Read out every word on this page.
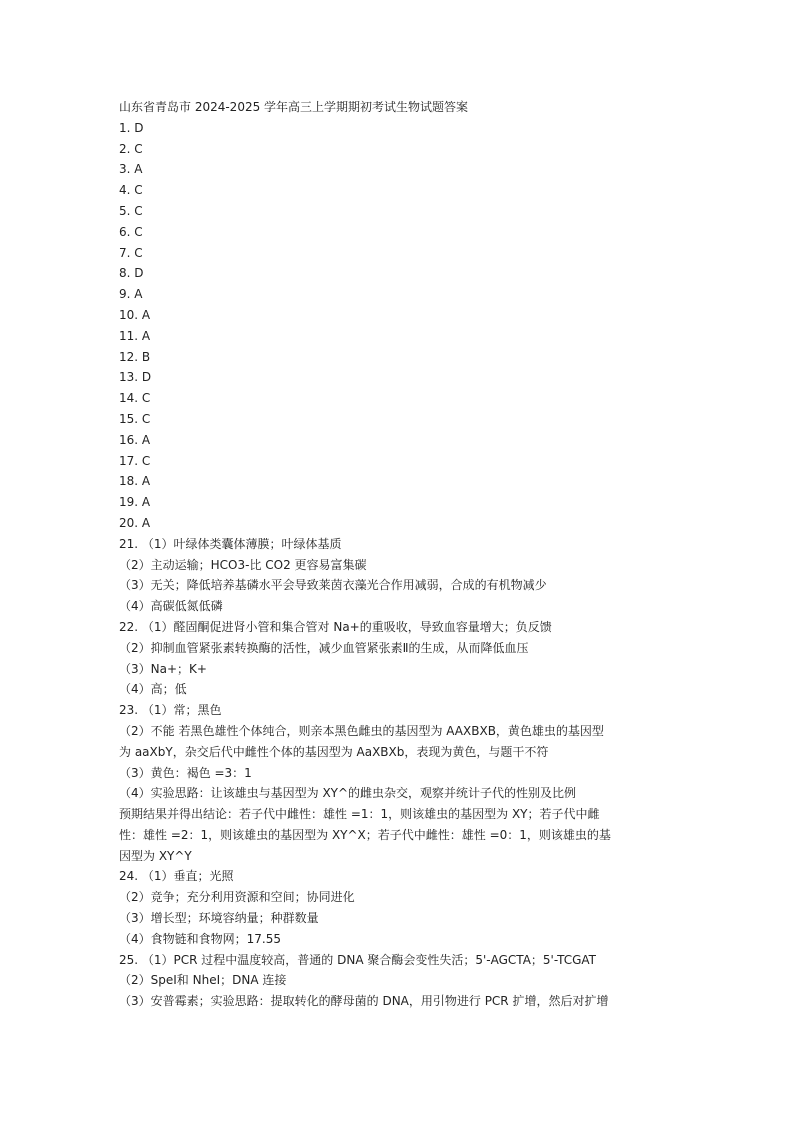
山东省青岛市 2024-2025 学年高三上学期期初考试生物试题答案
1. D
2. C
3. A
4. C
5. C
6. C
7. C
8. D
9. A
10. A
11. A
12. B
13. D
14. C
15. C
16. A
17. C
18. A
19. A
20. A
21. （1）叶绿体类囊体薄膜；叶绿体基质
（2）主动运输；HCO3-比 CO2 更容易富集碳
（3）无关；降低培养基磷水平会导致莱茵衣藻光合作用减弱，合成的有机物减少
（4）高碳低氮低磷
22. （1）醛固酮促进肾小管和集合管对 Na+的重吸收，导致血容量增大；负反馈
（2）抑制血管紧张素转换酶的活性，减少血管紧张素Ⅱ的生成，从而降低血压
（3）Na+；K+
（4）高；低
23. （1）常；黑色
（2）不能 若黑色雄性个体纯合，则亲本黑色雌虫的基因型为 AAXBXB，黄色雄虫的基因型
为 aaXbY，杂交后代中雌性个体的基因型为 AaXBXb，表现为黄色，与题干不符
（3）黄色：褐色 =3：1
（4）实验思路：让该雄虫与基因型为 XY^的雌虫杂交，观察并统计子代的性别及比例
预期结果并得出结论：若子代中雌性：雄性 =1：1，则该雄虫的基因型为 XY；若子代中雌
性：雄性 =2：1，则该雄虫的基因型为 XY^X；若子代中雌性：雄性 =0：1，则该雄虫的基
因型为 XY^Y
24. （1）垂直；光照
（2）竞争；充分利用资源和空间；协同进化
（3）增长型；环境容纳量；种群数量
（4）食物链和食物网；17.55
25. （1）PCR 过程中温度较高，普通的 DNA 聚合酶会变性失活；5'-AGCTA；5'-TCGAT
（2）SpeⅠ和 NheⅠ；DNA 连接
（3）安普霉素；实验思路：提取转化的酵母菌的 DNA，用引物进行 PCR 扩增，然后对扩增
